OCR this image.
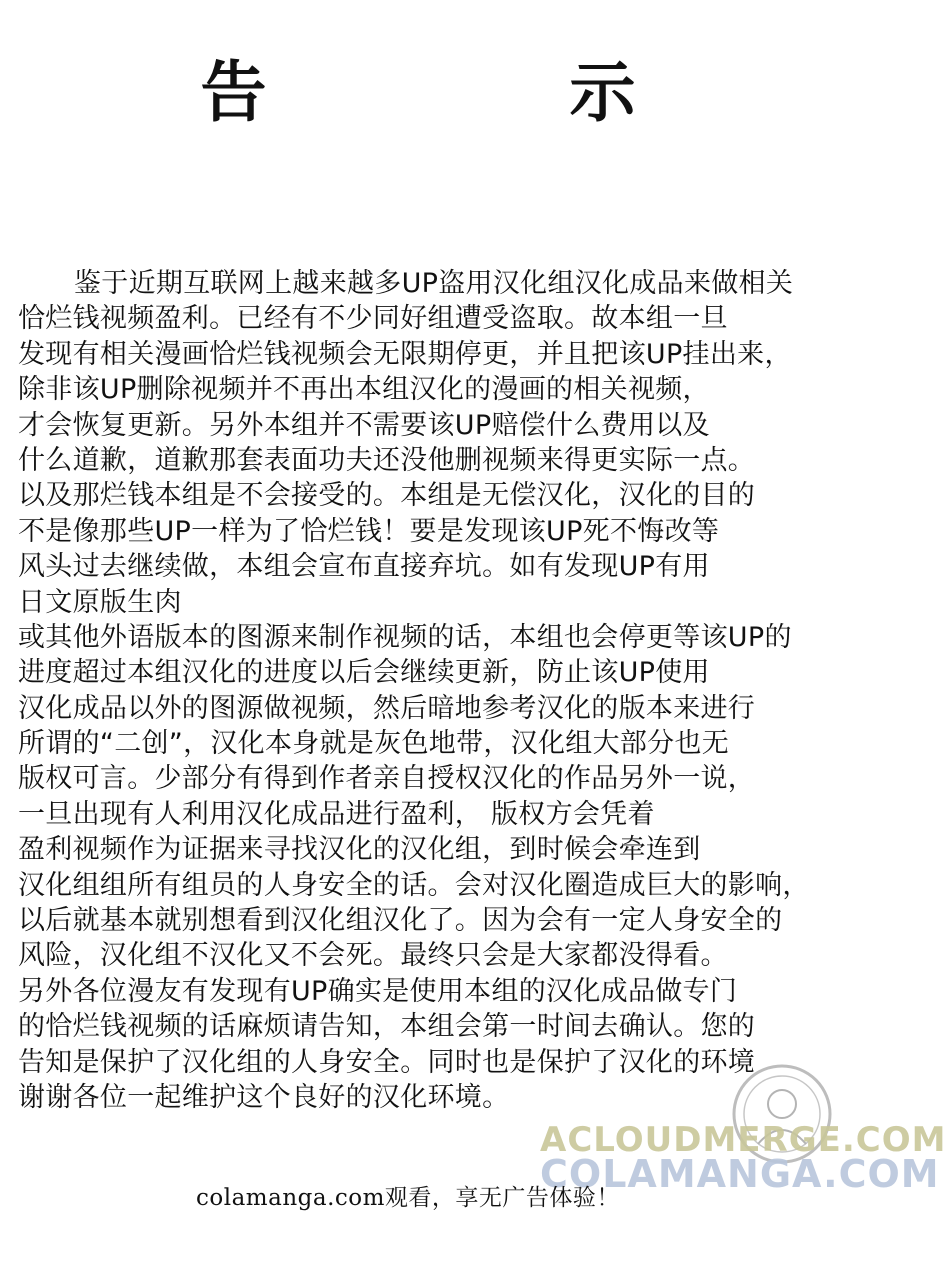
告 示
鉴于近期互联网上越来越多UP盗用汉化组汉化成品来做相关
恰烂钱视频盈利。已经有不少同好组遭受盗取。故本组一旦
发现有相关漫画恰烂钱视频会无限期停更，并且把该UP挂出来，
除非该UP删除视频并不再出本组汉化的漫画的相关视频，
才会恢复更新。另外本组并不需要该UP赔偿什么费用以及
什么道歉，道歉那套表面功夫还没他删视频来得更实际一点。
以及那烂钱本组是不会接受的。本组是无偿汉化，汉化的目的
不是像那些UP一样为了恰烂钱！要是发现该UP死不悔改等
风头过去继续做，本组会宣布直接弃坑。如有发现UP有用
日文原版生肉
或其他外语版本的图源来制作视频的话，本组也会停更等该UP的
进度超过本组汉化的进度以后会继续更新，防止该UP使用
汉化成品以外的图源做视频，然后暗地参考汉化的版本来进行
所谓的“二创”，汉化本身就是灰色地带，汉化组大部分也无
版权可言。少部分有得到作者亲自授权汉化的作品另外一说，
一旦出现有人利用汉化成品进行盈利， 版权方会凭着
盈利视频作为证据来寻找汉化的汉化组，到时候会牵连到
汉化组组所有组员的人身安全的话。会对汉化圈造成巨大的影响，
以后就基本就别想看到汉化组汉化了。因为会有一定人身安全的
风险，汉化组不汉化又不会死。最终只会是大家都没得看。
另外各位漫友有发现有UP确实是使用本组的汉化成品做专门
的恰烂钱视频的话麻烦请告知，本组会第一时间去确认。您的
告知是保护了汉化组的人身安全。同时也是保护了汉化的环境
谢谢各位一起维护这个良好的汉化环境。
ACLOUDMERGE.COM
COLAMANGA.COM
colamanga.com观看，享无广告体验！
